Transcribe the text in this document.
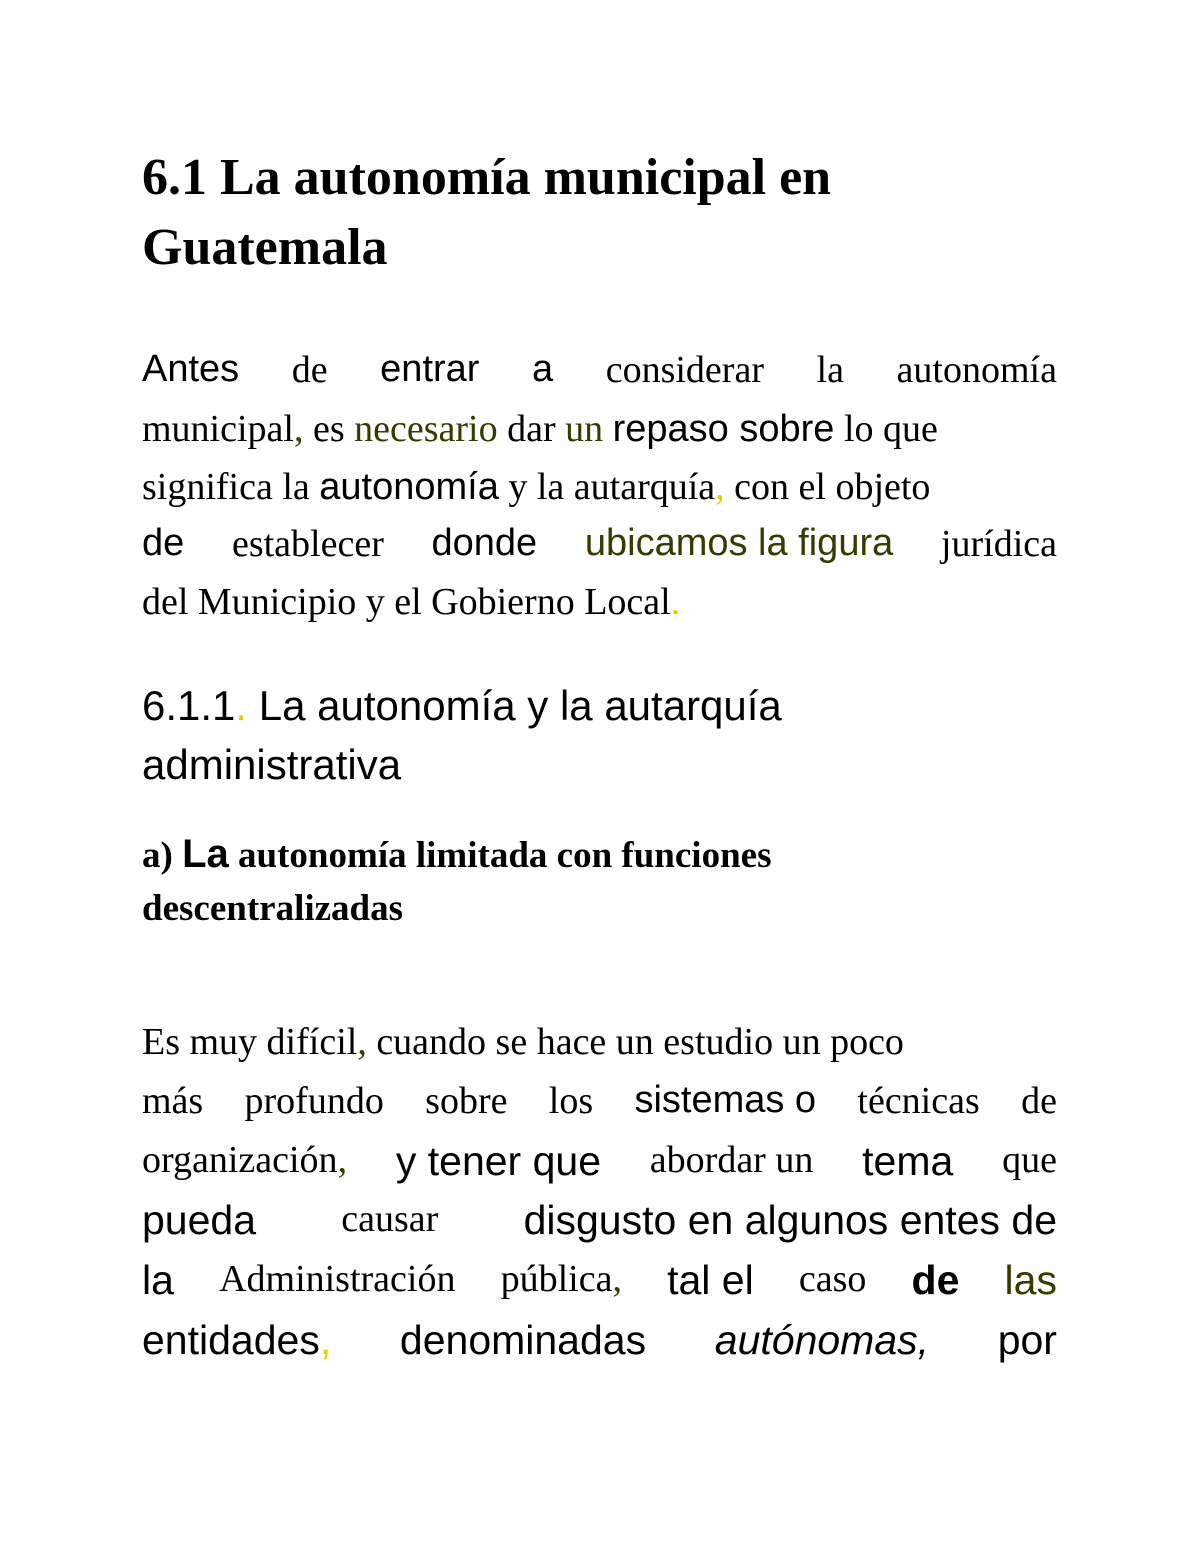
6.1 La autonomía municipal en
Guatemala
Antes de entrar a considerar la autonomía
municipal, es necesario dar un repaso sobre lo que
significa la autonomía y la autarquía, con el objeto
de establecer donde ubicamos la figura jurídica
del Municipio y el Gobierno Local.
6.1.1. La autonomía y la autarquía
administrativa
a) La autonomía limitada con funciones
descentralizadas
Es muy difícil, cuando se hace un estudio un poco
más profundo sobre los sistemas o técnicas de
organización, y tener que abordar un tema que
pueda causar disgusto en algunos entes de
la Administración pública, tal el caso de las
entidades, denominadas autónomas, por
